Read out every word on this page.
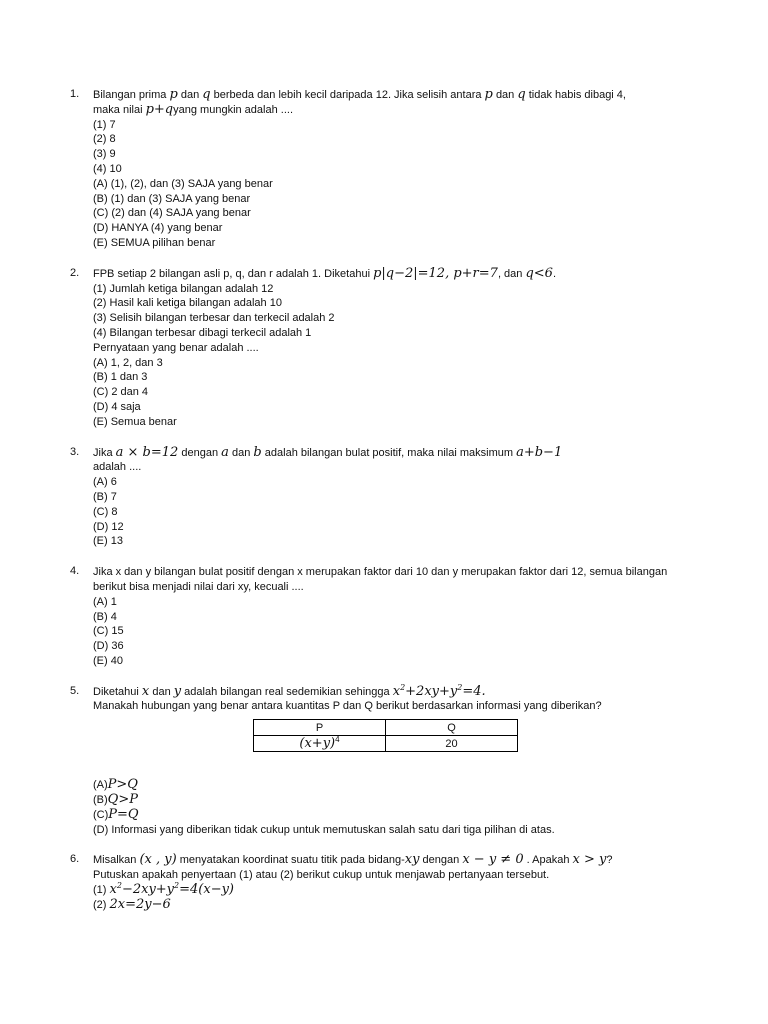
1. Bilangan prima p dan q berbeda dan lebih kecil daripada 12. Jika selisih antara p dan q tidak habis dibagi 4,
maka nilai p+qyang mungkin adalah ....
(1) 7
(2) 8
(3) 9
(4) 10
(A) (1), (2), dan (3) SAJA yang benar
(B) (1) dan (3) SAJA yang benar
(C) (2) dan (4) SAJA yang benar
(D) HANYA (4) yang benar
(E) SEMUA pilihan benar
2. FPB setiap 2 bilangan asli p, q, dan r adalah 1. Diketahui p|q−2|=12, p+r=7, dan q<6.
(1) Jumlah ketiga bilangan adalah 12
(2) Hasil kali ketiga bilangan adalah 10
(3) Selisih bilangan terbesar dan terkecil adalah 2
(4) Bilangan terbesar dibagi terkecil adalah 1
Pernyataan yang benar adalah ....
(A) 1, 2, dan 3
(B) 1 dan 3
(C) 2 dan 4
(D) 4 saja
(E) Semua benar
3. Jika a × b=12 dengan a dan b adalah bilangan bulat positif, maka nilai maksimum a+b−1
adalah ....
(A) 6
(B) 7
(C) 8
(D) 12
(E) 13
4. Jika x dan y bilangan bulat positif dengan x merupakan faktor dari 10 dan y merupakan faktor dari 12, semua bilangan berikut bisa menjadi nilai dari xy, kecuali ....
(A) 1
(B) 4
(C) 15
(D) 36
(E) 40
5. Diketahui x dan y adalah bilangan real sedemikian sehingga $x^2+2xy+y^2=4$.
Manakah hubungan yang benar antara kuantitas P dan Q berikut berdasarkan informasi yang diberikan?
P	Q
$(x+y)^4$	20
(A)P>Q
(B)Q>P
(C)P=Q
(D) Informasi yang diberikan tidak cukup untuk memutuskan salah satu dari tiga pilihan di atas.
6. Misalkan (x , y) menyatakan koordinat suatu titik pada bidang-xy dengan x − y ≠ 0 . Apakah x > y?
Putuskan apakah penyertaan (1) atau (2) berikut cukup untuk menjawab pertanyaan tersebut.
(1) $x^2-2xy+y^2=4(x-y)$
(2) 2x=2y−6
